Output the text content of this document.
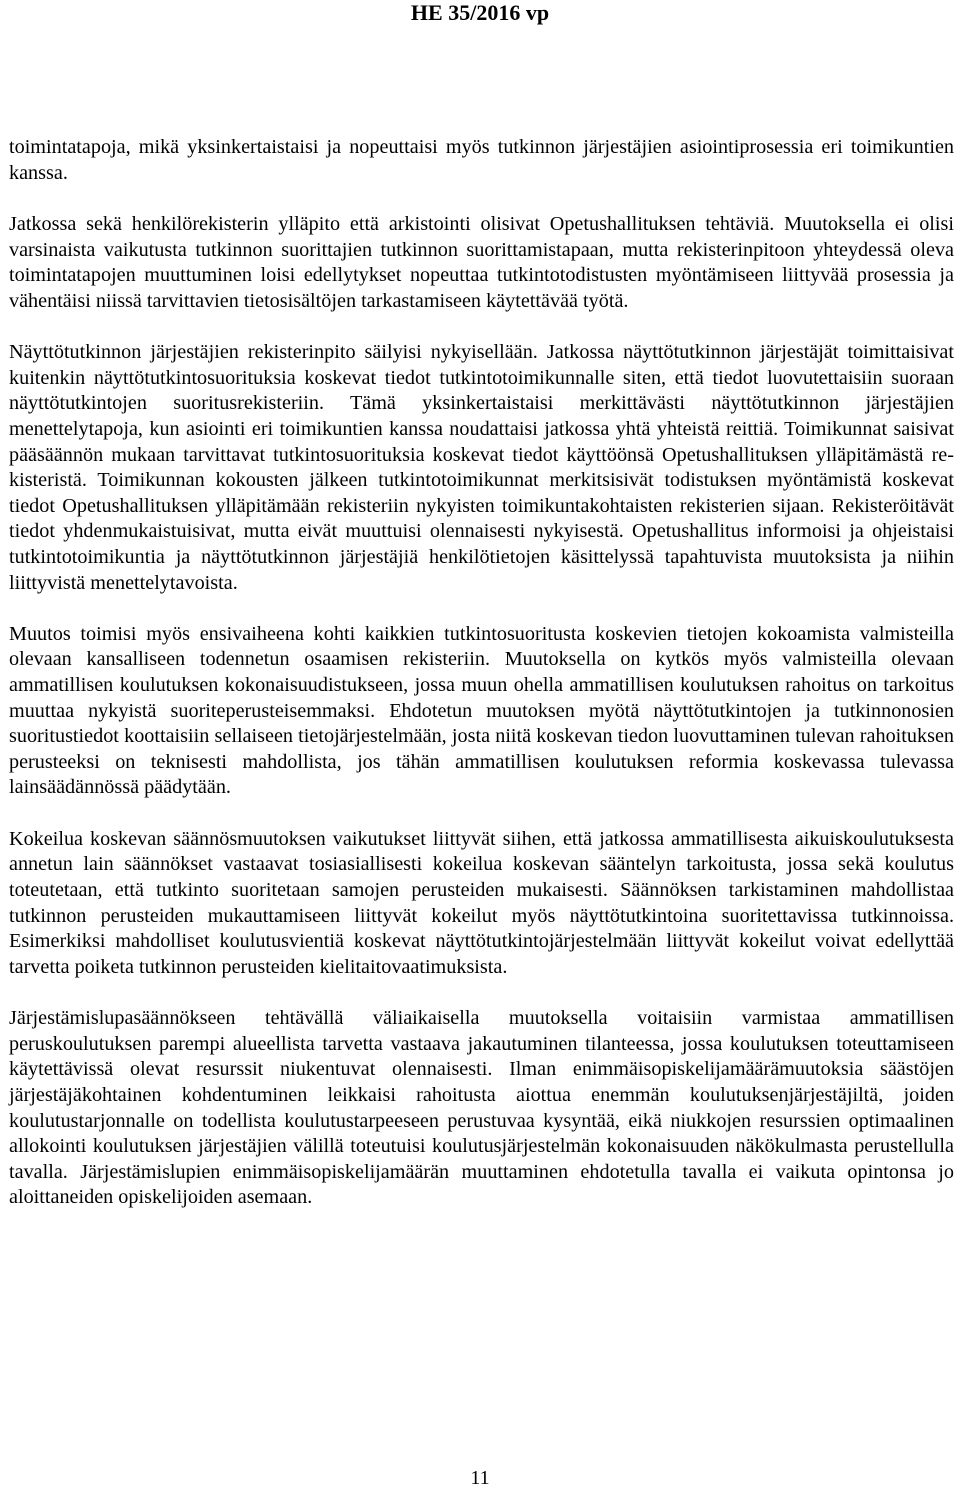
HE 35/2016 vp

toimintatapoja, mikä yksinkertaistaisi ja nopeuttaisi myös tutkinnon järjestäjien asiointiprosessia eri toimikuntien kanssa.

Jatkossa sekä henkilörekisterin ylläpito että arkistointi olisivat Opetushallituksen tehtäviä. Muutoksella ei olisi varsinaista vaikutusta tutkinnon suorittajien tutkinnon suorittamistapaan, mutta rekisterinpitoon yhteydessä oleva toimintatapojen muuttuminen loisi edellytykset nopeuttaa tutkintotodistusten myöntämiseen liittyvää prosessia ja vähentäisi niissä tarvittavien tietosisältöjen tarkastamiseen käytettävää työtä.

Näyttötutkinnon järjestäjien rekisterinpito säilyisi nykyisellään. Jatkossa näyttötutkinnon järjestäjät toimittaisivat kuitenkin näyttötutkintosuorituksia koskevat tiedot tutkintotoimikunnalle siten, että tiedot luovutettaisiin suoraan näyttötutkintojen suoritusrekisteriin. Tämä yksinkertaistaisi merkittävästi näyttötutkinnon järjestäjien menettelytapoja, kun asiointi eri toimikuntien kanssa noudattaisi jatkossa yhtä yhteistä reittiä. Toimikunnat saisivat pääsäännön mukaan tarvittavat tutkintosuorituksia koskevat tiedot käyttöönsä Opetushallituksen ylläpitämästä rekisteristä. Toimikunnan kokousten jälkeen tutkintotoimikunnat merkitsisivät todistuksen myöntämistä koskevat tiedot Opetushallituksen ylläpitämään rekisteriin nykyisten toimikuntakohtaisten rekisterien sijaan. Rekisteröitävät tiedot yhdenmukaistuisivat, mutta eivät muuttuisi olennaisesti nykyisestä. Opetushallitus informoisi ja ohjeistaisi tutkintotoimikuntia ja näyttötutkinnon järjestäjiä henkilötietojen käsittelyssä tapahtuvista muutoksista ja niihin liittyvistä menettelytavoista.

Muutos toimisi myös ensivaiheena kohti kaikkien tutkintosuoritusta koskevien tietojen kokoamista valmisteilla olevaan kansalliseen todennetun osaamisen rekisteriin. Muutoksella on kytkös myös valmisteilla olevaan ammatillisen koulutuksen kokonaisuudistukseen, jossa muun ohella ammatillisen koulutuksen rahoitus on tarkoitus muuttaa nykyistä suoriteperusteisemmaksi. Ehdotetun muutoksen myötä näyttötutkintojen ja tutkinnonosien suoritustiedot koottaisiin sellaiseen tietojärjestelmään, josta niitä koskevan tiedon luovuttaminen tulevan rahoituksen perusteeksi on teknisesti mahdollista, jos tähän ammatillisen koulutuksen reformia koskevassa tulevassa lainsäädännössä päädytään.

Kokeilua koskevan säännösmuutoksen vaikutukset liittyvät siihen, että jatkossa ammatillisesta aikuiskoulutuksesta annetun lain säännökset vastaavat tosiasiallisesti kokeilua koskevan sääntelyn tarkoitusta, jossa sekä koulutus toteutetaan, että tutkinto suoritetaan samojen perusteiden mukaisesti. Säännöksen tarkistaminen mahdollistaa tutkinnon perusteiden mukauttamiseen liittyvät kokeilut myös näyttötutkintoina suoritettavissa tutkinnoissa. Esimerkiksi mahdolliset koulutusvientiä koskevat näyttötutkintojärjestelmään liittyvät kokeilut voivat edellyttää tarvetta poiketa tutkinnon perusteiden kielitaitovaatimuksista.

Järjestämislupasäännökseen tehtävällä väliaikaisella muutoksella voitaisiin varmistaa ammatillisen peruskoulutuksen parempi alueellista tarvetta vastaava jakautuminen tilanteessa, jossa koulutuksen toteuttamiseen käytettävissä olevat resurssit niukentuvat olennaisesti. Ilman enimmäisopiskelijamäärämuutoksia säästöjen järjestäjäkohtainen kohdentuminen leikkaisi rahoitusta aiottua enemmän koulutuksenjärjestäjiltä, joiden koulutustarjonnalle on todellista koulutustarpeeseen perustuvaa kysyntää, eikä niukkojen resurssien optimaalinen allokointi koulutuksen järjestäjien välillä toteutuisi koulutusjärjestelmän kokonaisuuden näkökulmasta perustellulla tavalla. Järjestämislupien enimmäisopiskelijamäärän muuttaminen ehdotetulla tavalla ei vaikuta opintonsa jo aloittaneiden opiskelijoiden asemaan.

11
